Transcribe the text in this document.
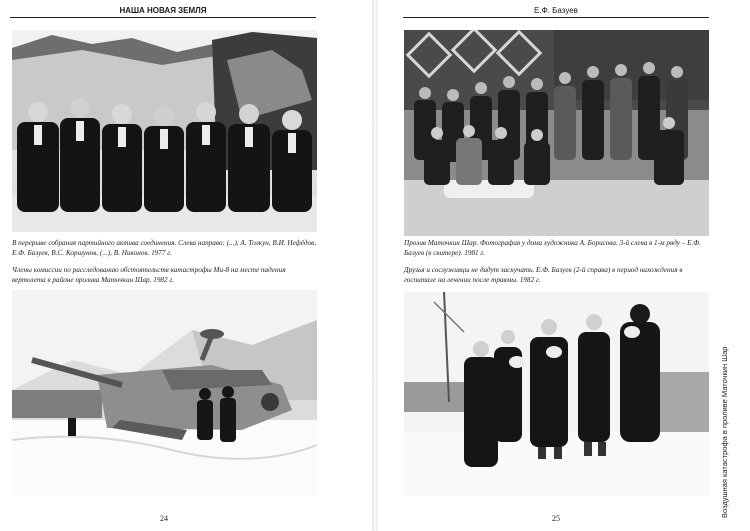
НАША НОВАЯ ЗЕМЛЯ
В перерыве собрания партийного актива соединения. Слева направо: (...), А. Толкун, В.И. Нефёдов, Е.Ф. Базуев, В.С. Коршунов, (...), В. Никонов. 1977 г.
Члены комиссии по расследованию обстоятельств катастрофы Ми-8 на месте падения вертолета в районе пролива Маточкин Шар. 1982 г.
24
Е.Ф. Базуев
Пролив Маточкин Шар. Фотография у дома художника А. Борисова. 3-й слева в 1-м ряду – Е.Ф. Базуев (в свитере). 1981 г.
Друзья и сослуживцы не дадут заскучать. Е.Ф. Базуев (2-й справа) в период нахождения в госпитале на лечении после травмы. 1982 г.
25
Воздушная катастрофа в проливе Маточкин Шар
